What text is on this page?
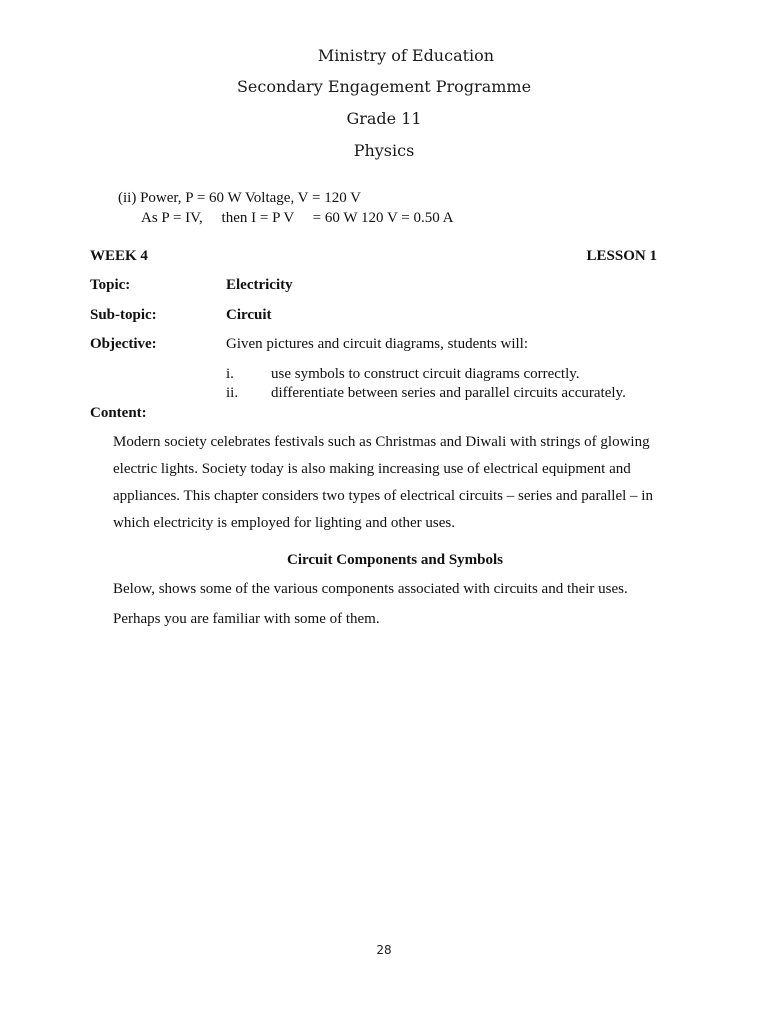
Ministry of Education
Secondary Engagement Programme
Grade 11
Physics
(ii) Power, P = 60 W Voltage, V = 120 V
As P = IV,     then I = P V     = 60 W 120 V = 0.50 A
WEEK 4	LESSON 1
Topic:	Electricity
Sub-topic:	Circuit
Objective:	Given pictures and circuit diagrams, students will:
i. use symbols to construct circuit diagrams correctly.
ii. differentiate between series and parallel circuits accurately.
Content:

Modern society celebrates festivals such as Christmas and Diwali with strings of glowing electric lights. Society today is also making increasing use of electrical equipment and appliances. This chapter considers two types of electrical circuits – series and parallel – in which electricity is employed for lighting and other uses.

Circuit Components and Symbols
Below, shows some of the various components associated with circuits and their uses.
Perhaps you are familiar with some of them.
28
